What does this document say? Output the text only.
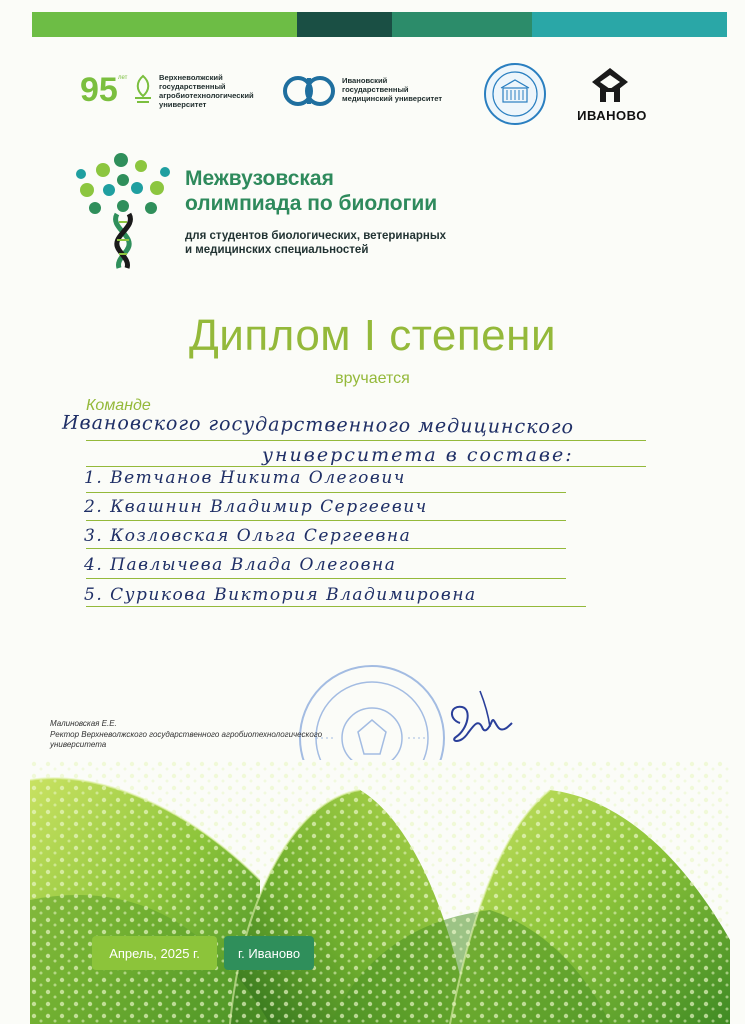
95 лет	Верхневолжский
государственный
агробиотехнологический
университет
Ивановский
государственный
медицинский университет
ИВАНОВО
Межвузовская
олимпиада по биологии
для студентов биологических, ветеринарных
и медицинских специальностей
Диплом I степени
вручается
Команде
Ивановского государственного медицинского
университета в составе:
1. Ветчанов Никита Олегович
2. Квашнин Владимир Сергеевич
3. Козловская Ольга Сергеевна
4. Павлычева Влада Олеговна
5. Сурикова Виктория Владимировна
Малиновская Е.Е.
Ректор Верхневолжского государственного агробиотехнологического
университета
Апрель, 2025 г.	г. Иваново
